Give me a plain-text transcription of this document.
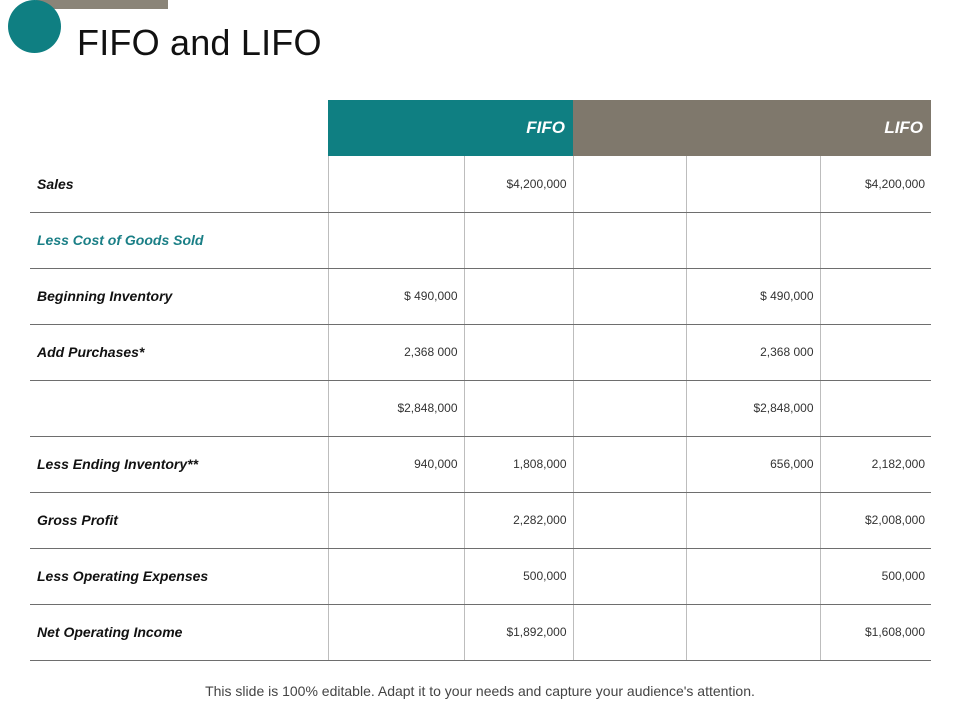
FIFO and LIFO
	FIFO		LIFO		
Sales		$4,200,000			$4,200,000
Less Cost of Goods Sold					
Beginning Inventory	$ 490,000			$ 490,000	
Add Purchases*	2,368 000			2,368 000	
	$2,848,000			$2,848,000	
Less Ending Inventory**	940,000	1,808,000		656,000	2,182,000
Gross Profit		2,282,000			$2,008,000
Less Operating Expenses		500,000			500,000
Net Operating Income		$1,892,000			$1,608,000
This slide is 100% editable. Adapt it to your needs and capture your audience's attention.
